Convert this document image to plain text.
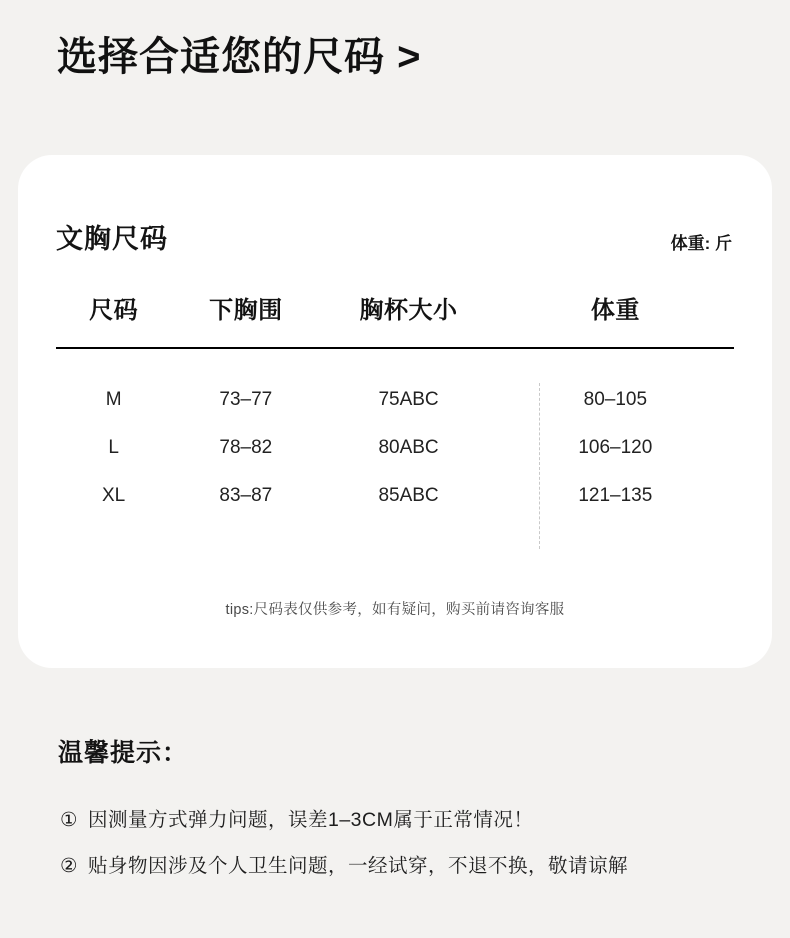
选择合适您的尺码 >
文胸尺码	体重: 斤
尺码	下胸围	胸杯大小	体重
M	73–77	75ABC	80–105
L	78–82	80ABC	106–120
XL	83–87	85ABC	121–135
tips:尺码表仅供参考，如有疑问，购买前请咨询客服
温馨提示：
① 因测量方式弹力问题，误差1–3CM属于正常情况！
② 贴身物因涉及个人卫生问题，一经试穿，不退不换，敬请谅解
